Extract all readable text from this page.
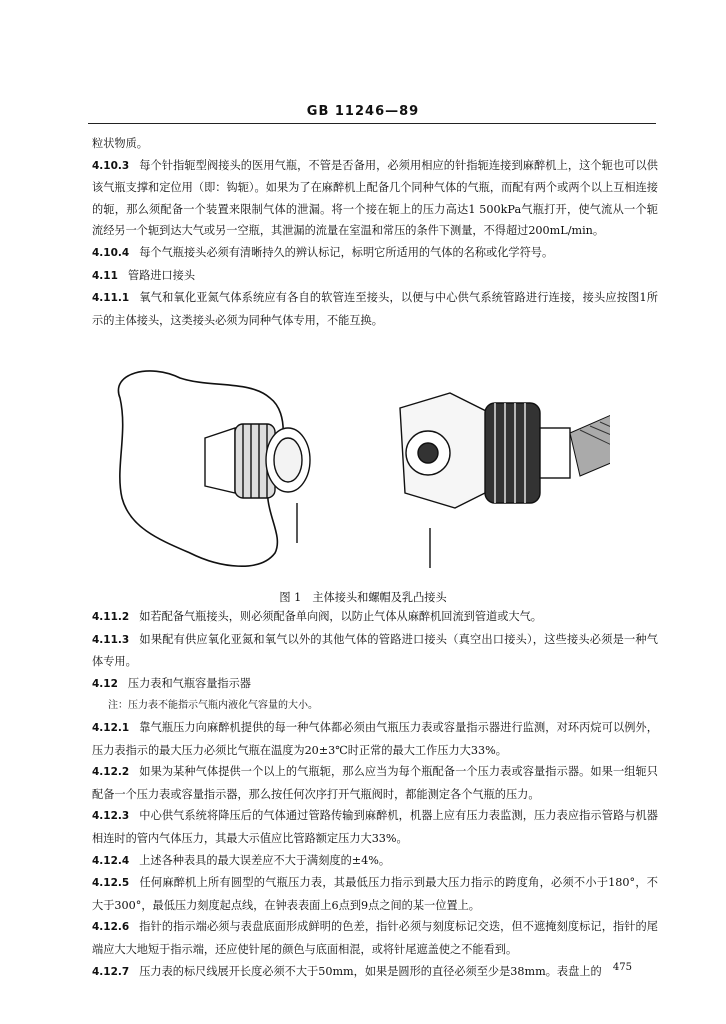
GB 11246—89

粒状物质。

4.10.3 每个针指轭型阀接头的医用气瓶，不管是否备用，必须用相应的针指轭连接到麻醉机上，这个轭也可以供该气瓶支撑和定位用（即：钩轭）。如果为了在麻醉机上配备几个同种气体的气瓶，而配有两个或两个以上互相连接的轭，那么须配备一个装置来限制气体的泄漏。将一个接在轭上的压力高达1 500kPa气瓶打开，使气流从一个轭流经另一个轭到达大气或另一空瓶，其泄漏的流量在室温和常压的条件下测量，不得超过200mL/min。

4.10.4 每个气瓶接头必须有清晰持久的辨认标记，标明它所适用的气体的名称或化学符号。

4.11 管路进口接头

4.11.1 氧气和氧化亚氮气体系统应有各自的软管连至接头，以便与中心供气系统管路进行连接，接头应按图1所示的主体接头，这类接头必须为同种气体专用，不能互换。

图 1　主体接头和螺帽及乳凸接头

4.11.2 如若配备气瓶接头，则必须配备单向阀，以防止气体从麻醉机回流到管道或大气。

4.11.3 如果配有供应氧化亚氮和氧气以外的其他气体的管路进口接头（真空出口接头），这些接头必须是一种气体专用。

4.12 压力表和气瓶容量指示器

注：压力表不能指示气瓶内液化气容量的大小。

4.12.1 靠气瓶压力向麻醉机提供的每一种气体都必须由气瓶压力表或容量指示器进行监测，对环丙烷可以例外，压力表指示的最大压力必须比气瓶在温度为20±3℃时正常的最大工作压力大33%。

4.12.2 如果为某种气体提供一个以上的气瓶轭，那么应当为每个瓶配备一个压力表或容量指示器。如果一组轭只配备一个压力表或容量指示器，那么按任何次序打开气瓶阀时，都能测定各个气瓶的压力。

4.12.3 中心供气系统将降压后的气体通过管路传输到麻醉机，机器上应有压力表监测，压力表应指示管路与机器相连时的管内气体压力，其最大示值应比管路额定压力大33%。

4.12.4 上述各种表具的最大误差应不大于满刻度的±4%。

4.12.5 任何麻醉机上所有圆型的气瓶压力表，其最低压力指示到最大压力指示的跨度角，必须不小于180°，不大于300°，最低压力刻度起点线，在钟表表面上6点到9点之间的某一位置上。

4.12.6 指针的指示端必须与表盘底面形成鲜明的色差，指针必须与刻度标记交迭，但不遮掩刻度标记，指针的尾端应大大地短于指示端，还应使针尾的颜色与底面相混，或将针尾遮盖使之不能看到。

4.12.7 压力表的标尺线展开长度必须不大于50mm，如果是圆形的直径必须至少是38mm。表盘上的	475
